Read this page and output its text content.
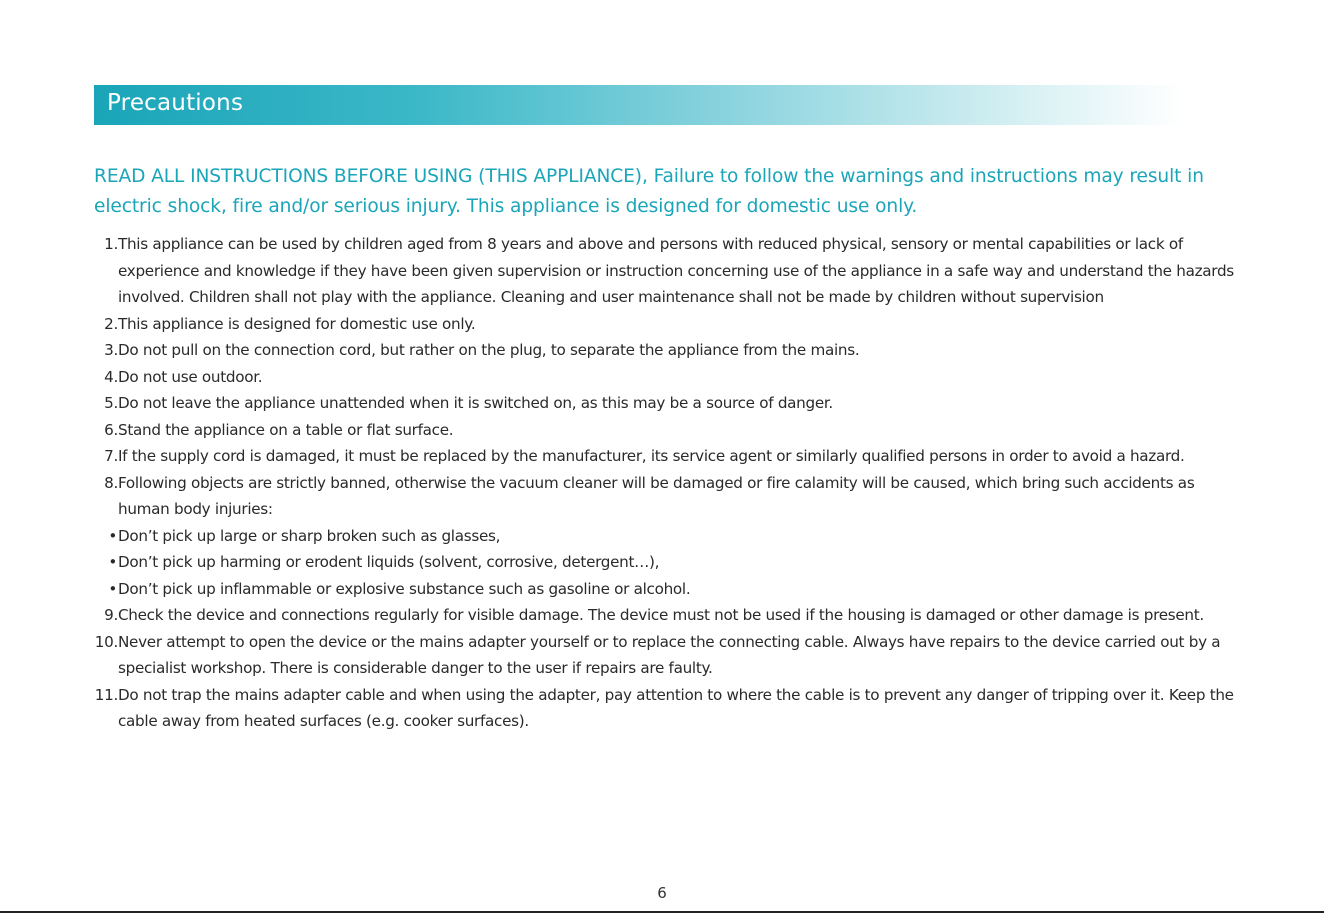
Precautions
READ ALL INSTRUCTIONS BEFORE USING (THIS APPLIANCE), Failure to follow the warnings and instructions may result in electric shock, fire and/or serious injury. This appliance is designed for domestic use only.
1. This appliance can be used by children aged from 8 years and above and persons with reduced physical, sensory or mental capabilities or lack of experience and knowledge if they have been given supervision or instruction concerning use of the appliance in a safe way and understand the hazards involved. Children shall not play with the appliance. Cleaning and user maintenance shall not be made by children without supervision
2. This appliance is designed for domestic use only.
3. Do not pull on the connection cord, but rather on the plug, to separate the appliance from the mains.
4. Do not use outdoor.
5. Do not leave the appliance unattended when it is switched on, as this may be a source of danger.
6. Stand the appliance on a table or flat surface.
7. If the supply cord is damaged, it must be replaced by the manufacturer, its service agent or similarly qualified persons in order to avoid a hazard.
8. Following objects are strictly banned, otherwise the vacuum cleaner will be damaged or fire calamity will be caused, which bring such accidents as human body injuries:
• Don’t pick up large or sharp broken such as glasses,
• Don’t pick up harming or erodent liquids (solvent, corrosive, detergent…),
• Don’t pick up inflammable or explosive substance such as gasoline or alcohol.
9. Check the device and connections regularly for visible damage. The device must not be used if the housing is damaged or other damage is present.
10. Never attempt to open the device or the mains adapter yourself or to replace the connecting cable. Always have repairs to the device carried out by a specialist workshop. There is considerable danger to the user if repairs are faulty.
11. Do not trap the mains adapter cable and when using the adapter, pay attention to where the cable is to prevent any danger of tripping over it. Keep the cable away from heated surfaces (e.g. cooker surfaces).
6
